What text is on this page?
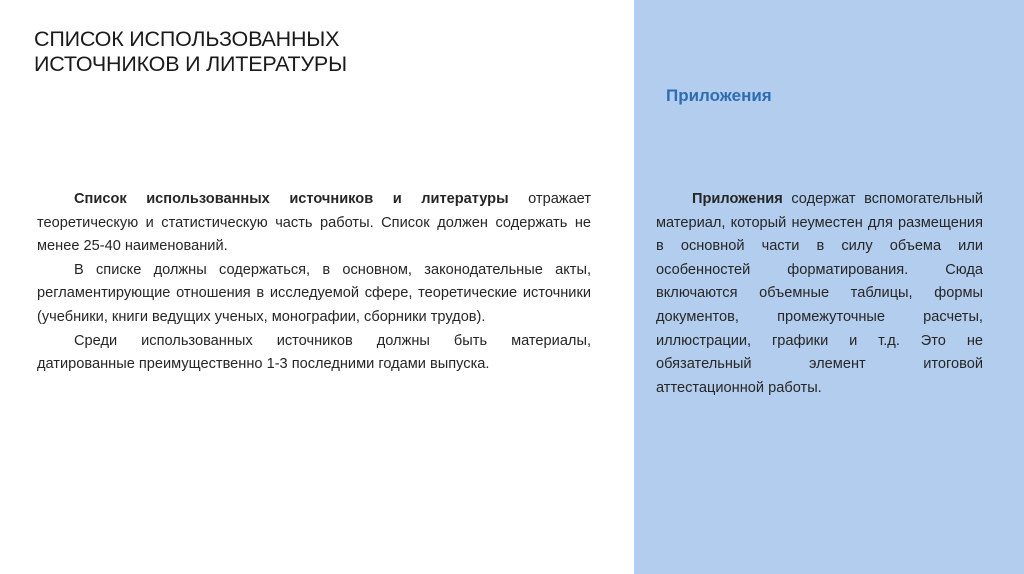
СПИСОК ИСПОЛЬЗОВАННЫХ ИСТОЧНИКОВ И ЛИТЕРАТУРЫ

Список использованных источников и литературы отражает теоретическую и статистическую часть работы. Список должен содержать не менее 25-40 наименований.

В списке должны содержаться, в основном, законодательные акты, регламентирующие отношения в исследуемой сфере, теоретические источники (учебники, книги ведущих ученых, монографии, сборники трудов).

Среди использованных источников должны быть материалы, датированные преимущественно 1-3 последними годами выпуска.

Приложения

Приложения содержат вспомогательный материал, который неуместен для размещения в основной части в силу объема или особенностей форматирования. Сюда включаются объемные таблицы, формы документов, промежуточные расчеты, иллюстрации, графики и т.д. Это не обязательный элемент итоговой аттестационной работы.
